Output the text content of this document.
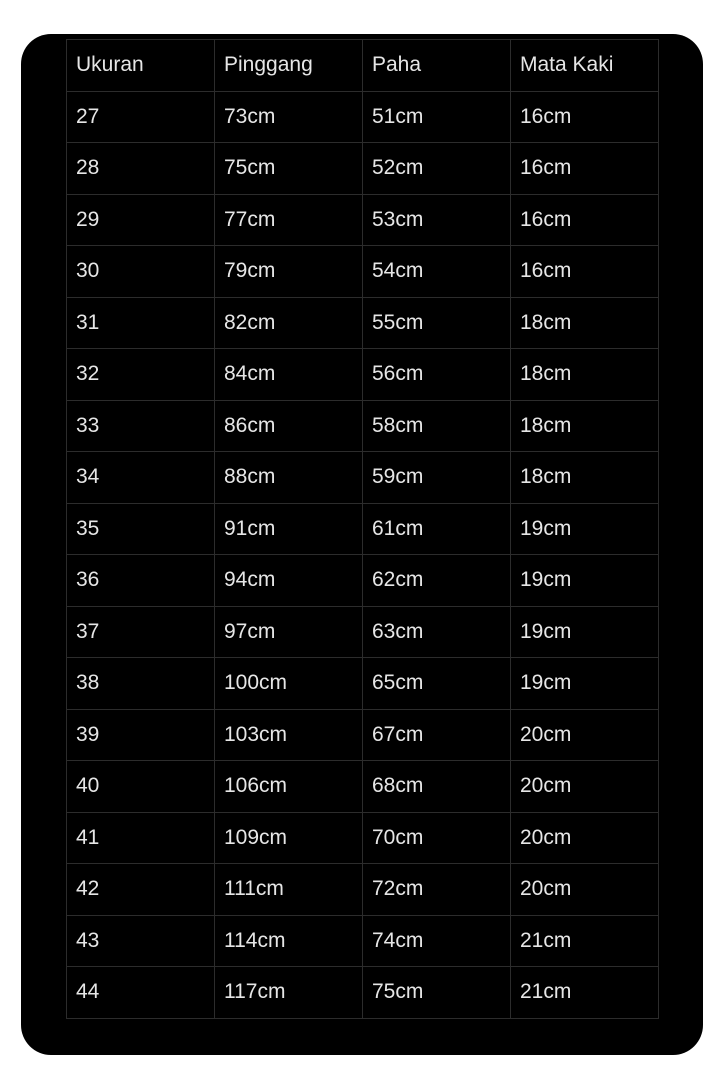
Ukuran	Pinggang	Paha	Mata Kaki
27	73cm	51cm	16cm
28	75cm	52cm	16cm
29	77cm	53cm	16cm
30	79cm	54cm	16cm
31	82cm	55cm	18cm
32	84cm	56cm	18cm
33	86cm	58cm	18cm
34	88cm	59cm	18cm
35	91cm	61cm	19cm
36	94cm	62cm	19cm
37	97cm	63cm	19cm
38	100cm	65cm	19cm
39	103cm	67cm	20cm
40	106cm	68cm	20cm
41	109cm	70cm	20cm
42	111cm	72cm	20cm
43	114cm	74cm	21cm
44	117cm	75cm	21cm
